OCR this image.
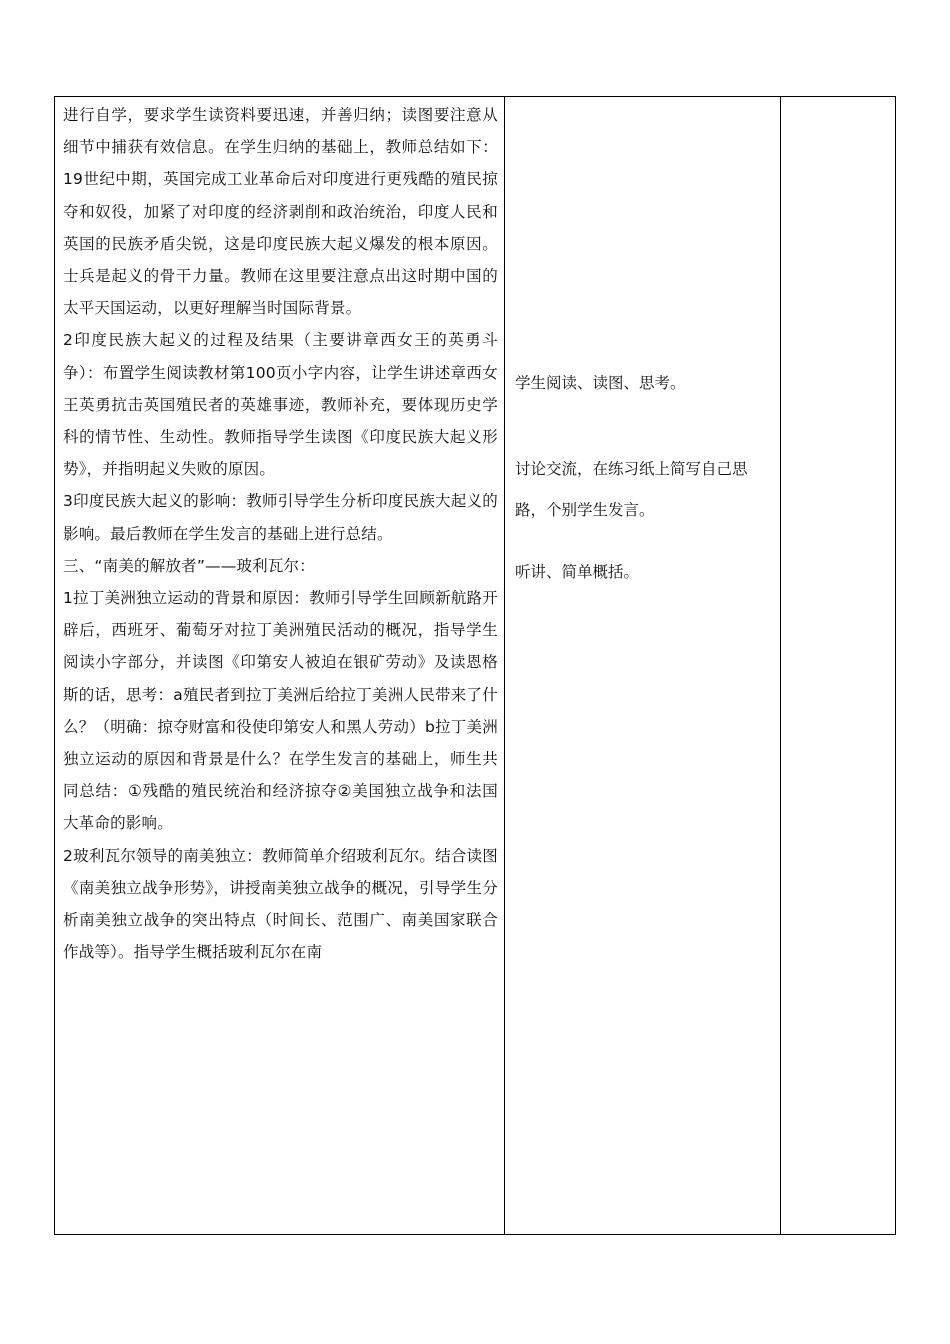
进行自学，要求学生读资料要迅速，并善归纳；读图要注意从细节中捕获有效信息。在学生归纳的基础上，教师总结如下：19世纪中期，英国完成工业革命后对印度进行更残酷的殖民掠夺和奴役，加紧了对印度的经济剥削和政治统治，印度人民和英国的民族矛盾尖锐，这是印度民族大起义爆发的根本原因。士兵是起义的骨干力量。教师在这里要注意点出这时期中国的太平天国运动，以更好理解当时国际背景。

2印度民族大起义的过程及结果（主要讲章西女王的英勇斗争）：布置学生阅读教材第100页小字内容，让学生讲述章西女王英勇抗击英国殖民者的英雄事迹，教师补充，要体现历史学科的情节性、生动性。教师指导学生读图《印度民族大起义形势》，并指明起义失败的原因。

3印度民族大起义的影响：教师引导学生分析印度民族大起义的影响。最后教师在学生发言的基础上进行总结。

三、“南美的解放者”——玻利瓦尔：

1拉丁美洲独立运动的背景和原因：教师引导学生回顾新航路开辟后，西班牙、葡萄牙对拉丁美洲殖民活动的概况，指导学生阅读小字部分，并读图《印第安人被迫在银矿劳动》及读恩格斯的话，思考：a殖民者到拉丁美洲后给拉丁美洲人民带来了什么？（明确：掠夺财富和役使印第安人和黑人劳动）b拉丁美洲独立运动的原因和背景是什么？在学生发言的基础上，师生共同总结：①残酷的殖民统治和经济掠夺②美国独立战争和法国大革命的影响。

2玻利瓦尔领导的南美独立：教师简单介绍玻利瓦尔。结合读图《南美独立战争形势》，讲授南美独立战争的概况，引导学生分析南美独立战争的突出特点（时间长、范围广、南美国家联合作战等）。指导学生概括玻利瓦尔在南

学生阅读、读图、思考。

讨论交流，在练习纸上简写自己思

路，个别学生发言。

听讲、简单概括。
